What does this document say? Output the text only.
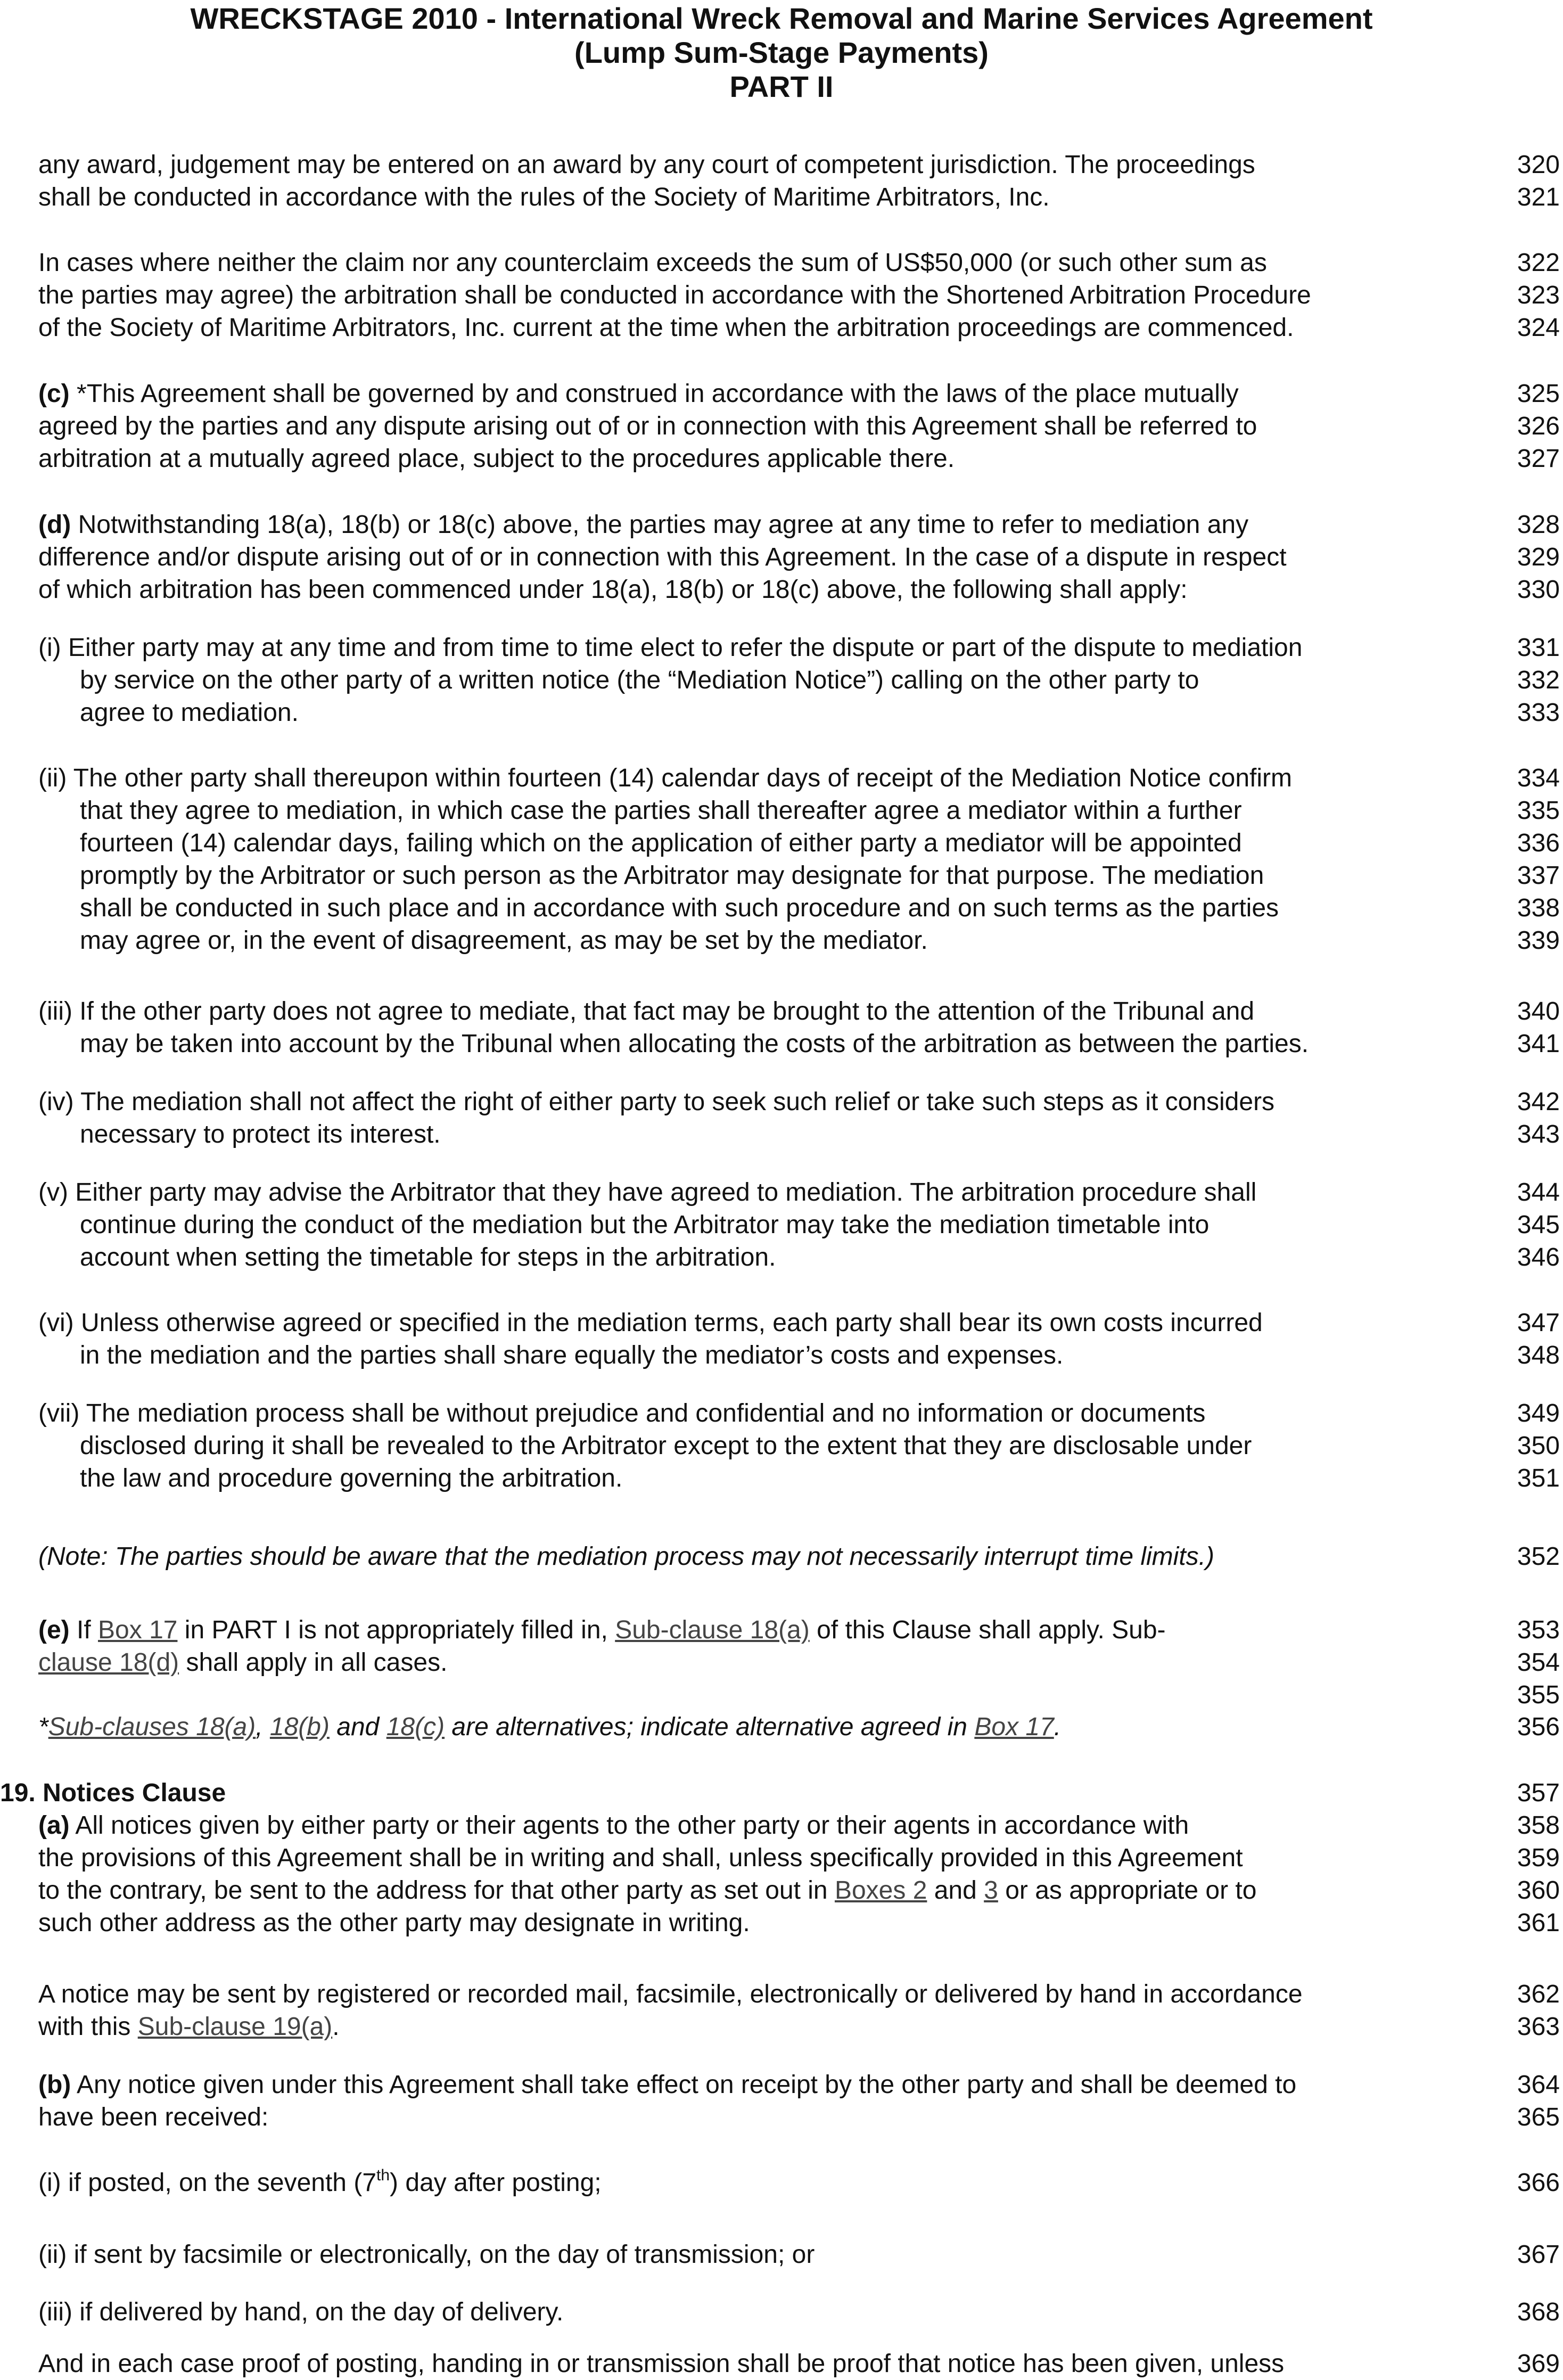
WRECKSTAGE 2010 - International Wreck Removal and Marine Services Agreement
(Lump Sum-Stage Payments)
PART II
any award, judgement may be entered on an award by any court of competent jurisdiction. The proceedings	320
shall be conducted in accordance with the rules of the Society of Maritime Arbitrators, Inc.	321
In cases where neither the claim nor any counterclaim exceeds the sum of US$50,000 (or such other sum as	322
the parties may agree) the arbitration shall be conducted in accordance with the Shortened Arbitration Procedure	323
of the Society of Maritime Arbitrators, Inc. current at the time when the arbitration proceedings are commenced.	324
(c) *This Agreement shall be governed by and construed in accordance with the laws of the place mutually	325
agreed by the parties and any dispute arising out of or in connection with this Agreement shall be referred to	326
arbitration at a mutually agreed place, subject to the procedures applicable there.	327
(d) Notwithstanding 18(a), 18(b) or 18(c) above, the parties may agree at any time to refer to mediation any	328
difference and/or dispute arising out of or in connection with this Agreement. In the case of a dispute in respect	329
of which arbitration has been commenced under 18(a), 18(b) or 18(c) above, the following shall apply:	330
(i) Either party may at any time and from time to time elect to refer the dispute or part of the dispute to mediation	331
by service on the other party of a written notice (the “Mediation Notice”) calling on the other party to	332
agree to mediation.	333
(ii) The other party shall thereupon within fourteen (14) calendar days of receipt of the Mediation Notice confirm	334
that they agree to mediation, in which case the parties shall thereafter agree a mediator within a further	335
fourteen (14) calendar days, failing which on the application of either party a mediator will be appointed	336
promptly by the Arbitrator or such person as the Arbitrator may designate for that purpose. The mediation	337
shall be conducted in such place and in accordance with such procedure and on such terms as the parties	338
may agree or, in the event of disagreement, as may be set by the mediator.	339
(iii) If the other party does not agree to mediate, that fact may be brought to the attention of the Tribunal and	340
may be taken into account by the Tribunal when allocating the costs of the arbitration as between the parties.	341
(iv) The mediation shall not affect the right of either party to seek such relief or take such steps as it considers	342
necessary to protect its interest.	343
(v) Either party may advise the Arbitrator that they have agreed to mediation. The arbitration procedure shall	344
continue during the conduct of the mediation but the Arbitrator may take the mediation timetable into	345
account when setting the timetable for steps in the arbitration.	346
(vi) Unless otherwise agreed or specified in the mediation terms, each party shall bear its own costs incurred	347
in the mediation and the parties shall share equally the mediator’s costs and expenses.	348
(vii) The mediation process shall be without prejudice and confidential and no information or documents	349
disclosed during it shall be revealed to the Arbitrator except to the extent that they are disclosable under	350
the law and procedure governing the arbitration.	351
(Note: The parties should be aware that the mediation process may not necessarily interrupt time limits.)	352
(e) If Box 17 in PART I is not appropriately filled in, Sub-clause 18(a) of this Clause shall apply. Sub-	353
clause 18(d) shall apply in all cases.	354
355
*Sub-clauses 18(a), 18(b) and 18(c) are alternatives; indicate alternative agreed in Box 17.	356
19. Notices Clause	357
(a) All notices given by either party or their agents to the other party or their agents in accordance with	358
the provisions of this Agreement shall be in writing and shall, unless specifically provided in this Agreement	359
to the contrary, be sent to the address for that other party as set out in Boxes 2 and 3 or as appropriate or to	360
such other address as the other party may designate in writing.	361
A notice may be sent by registered or recorded mail, facsimile, electronically or delivered by hand in accordance	362
with this Sub-clause 19(a).	363
(b) Any notice given under this Agreement shall take effect on receipt by the other party and shall be deemed to	364
have been received:	365
(i) if posted, on the seventh (7th) day after posting;	366
(ii) if sent by facsimile or electronically, on the day of transmission; or	367
(iii) if delivered by hand, on the day of delivery.	368
And in each case proof of posting, handing in or transmission shall be proof that notice has been given, unless	369
